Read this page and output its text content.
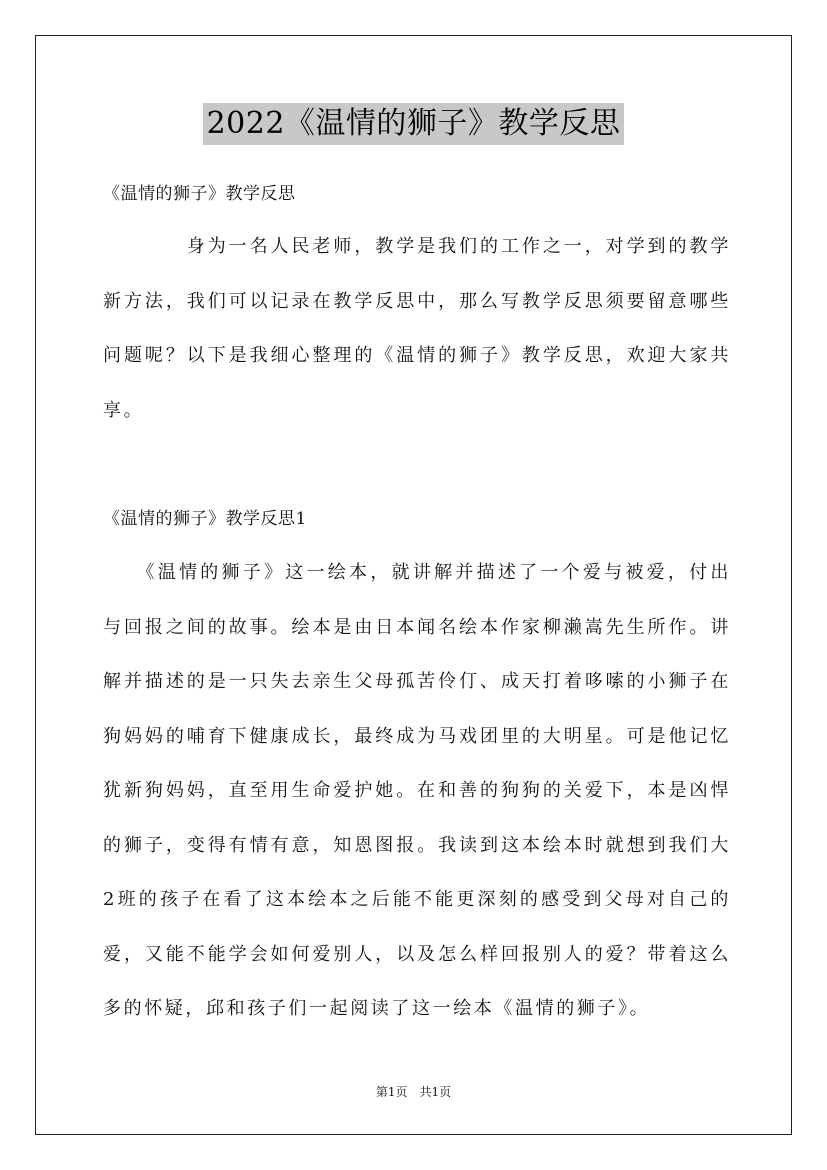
2022《温情的狮子》教学反思
《温情的狮子》教学反思

　　　　身为一名人民老师，教学是我们的工作之一，对学到的教学新方法，我们可以记录在教学反思中，那么写教学反思须要留意哪些问题呢？以下是我细心整理的《温情的狮子》教学反思，欢迎大家共享。

《温情的狮子》教学反思1

　　《温情的狮子》这一绘本，就讲解并描述了一个爱与被爱，付出与回报之间的故事。绘本是由日本闻名绘本作家柳濑嵩先生所作。讲解并描述的是一只失去亲生父母孤苦伶仃、成天打着哆嗦的小狮子在狗妈妈的哺育下健康成长，最终成为马戏团里的大明星。可是他记忆犹新狗妈妈，直至用生命爱护她。在和善的狗狗的关爱下，本是凶悍的狮子，变得有情有意，知恩图报。我读到这本绘本时就想到我们大2班的孩子在看了这本绘本之后能不能更深刻的感受到父母对自己的爱，又能不能学会如何爱别人，以及怎么样回报别人的爱？带着这么多的怀疑，邱和孩子们一起阅读了这一绘本《温情的狮子》。

第1页　共1页
